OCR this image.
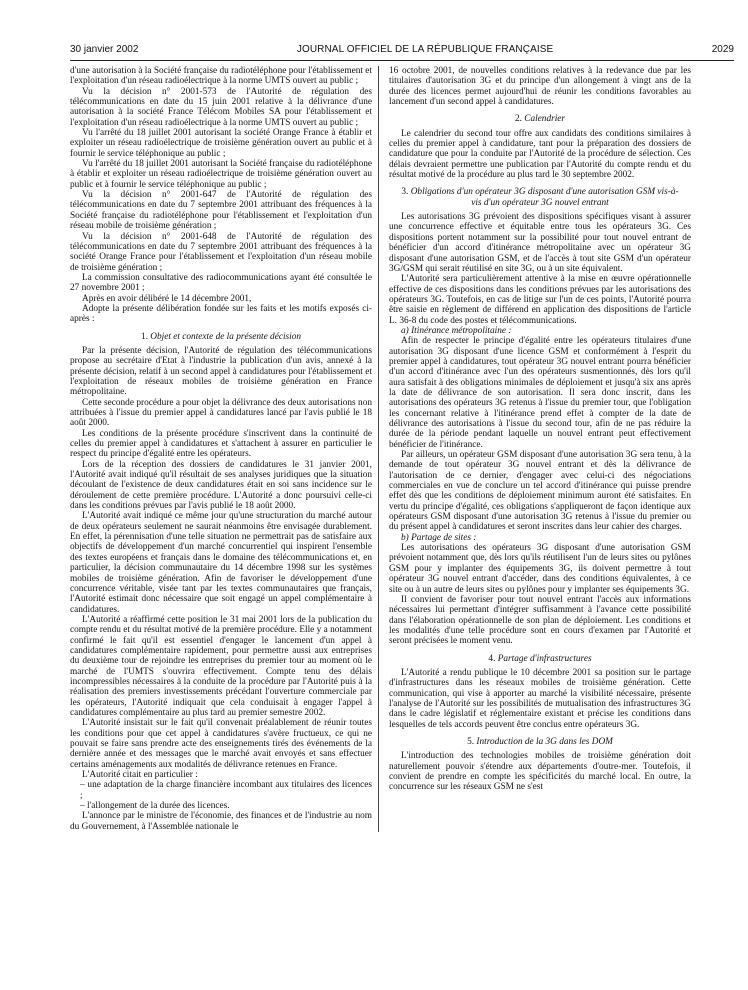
30 janvier 2002	JOURNAL OFFICIEL DE LA RÉPUBLIQUE FRANÇAISE	2029

d'une autorisation à la Société française du radiotéléphone pour l'établissement et l'exploitation d'un réseau radioélectrique à la norme UMTS ouvert au public ;

Vu la décision n° 2001-573 de l'Autorité de régulation des télécommunications en date du 15 juin 2001 relative à la délivrance d'une autorisation à la société France Télécom Mobiles SA pour l'établissement et l'exploitation d'un réseau radioélectrique à la norme UMTS ouvert au public ;

Vu l'arrêté du 18 juillet 2001 autorisant la société Orange France à établir et exploiter un réseau radioélectrique de troisième génération ouvert au public et à fournir le service téléphonique au public ;

Vu l'arrêté du 18 juillet 2001 autorisant la Société française du radiotéléphone à établir et exploiter un réseau radioélectrique de troisième génération ouvert au public et à fournir le service téléphonique au public ;

Vu la décision n° 2001-647 de l'Autorité de régulation des télécommunications en date du 7 septembre 2001 attribuant des fréquences à la Société française du radiotéléphone pour l'établissement et l'exploitation d'un réseau mobile de troisième génération ;

Vu la décision n° 2001-648 de l'Autorité de régulation des télécommunications en date du 7 septembre 2001 attribuant des fréquences à la société Orange France pour l'établissement et l'exploitation d'un réseau mobile de troisième génération ;

La commission consultative des radiocommunications ayant été consultée le 27 novembre 2001 ;

Après en avoir délibéré le 14 décembre 2001,

Adopte la présente délibération fondée sur les faits et les motifs exposés ci-après :

1. Objet et contexte de la présente décision

Par la présente décision, l'Autorité de régulation des télécommunications propose au secrétaire d'Etat à l'industrie la publication d'un avis, annexé à la présente décision, relatif à un second appel à candidatures pour l'établissement et l'exploitation de réseaux mobiles de troisième génération en France métropolitaine.

Cette seconde procédure a pour objet la délivrance des deux autorisations non attribuées à l'issue du premier appel à candidatures lancé par l'avis publié le 18 août 2000.

Les conditions de la présente procédure s'inscrivent dans la continuité de celles du premier appel à candidatures et s'attachent à assurer en particulier le respect du principe d'égalité entre les opérateurs.

Lors de la réception des dossiers de candidatures le 31 janvier 2001, l'Autorité avait indiqué qu'il résultait de ses analyses juridiques que la situation découlant de l'existence de deux candidatures était en soi sans incidence sur le déroulement de cette première procédure. L'Autorité a donc poursuivi celle-ci dans les conditions prévues par l'avis publié le 18 août 2000.

L'Autorité avait indiqué ce même jour qu'une structuration du marché autour de deux opérateurs seulement ne saurait néanmoins être envisagée durablement. En effet, la pérennisation d'une telle situation ne permettrait pas de satisfaire aux objectifs de développement d'un marché concurrentiel qui inspirent l'ensemble des textes européens et français dans le domaine des télécommunications et, en particulier, la décision communautaire du 14 décembre 1998 sur les systèmes mobiles de troisième génération. Afin de favoriser le développement d'une concurrence véritable, visée tant par les textes communautaires que français, l'Autorité estimait donc nécessaire que soit engagé un appel complémentaire à candidatures.

L'Autorité a réaffirmé cette position le 31 mai 2001 lors de la publication du compte rendu et du résultat motivé de la première procédure. Elle y a notamment confirmé le fait qu'il est essentiel d'engager le lancement d'un appel à candidatures complémentaire rapidement, pour permettre aussi aux entreprises du deuxième tour de rejoindre les entreprises du premier tour au moment où le marché de l'UMTS s'ouvrira effectivement. Compte tenu des délais incompressibles nécessaires à la conduite de la procédure par l'Autorité puis à la réalisation des premiers investissements précédant l'ouverture commerciale par les opérateurs, l'Autorité indiquait que cela conduisait à engager l'appel à candidatures complémentaire au plus tard au premier semestre 2002.

L'Autorité insistait sur le fait qu'il convenait préalablement de réunir toutes les conditions pour que cet appel à candidatures s'avère fructueux, ce qui ne pouvait se faire sans prendre acte des enseignements tirés des événements de la dernière année et des messages que le marché avait envoyés et sans effectuer certains aménagements aux modalités de délivrance retenues en France.

L'Autorité citait en particulier :

– une adaptation de la charge financière incombant aux titulaires des licences ;

– l'allongement de la durée des licences.

L'annonce par le ministre de l'économie, des finances et de l'industrie au nom du Gouvernement, à l'Assemblée nationale le

16 octobre 2001, de nouvelles conditions relatives à la redevance due par les titulaires d'autorisation 3G et du principe d'un allongement à vingt ans de la durée des licences permet aujourd'hui de réunir les conditions favorables au lancement d'un second appel à candidatures.

2. Calendrier

Le calendrier du second tour offre aux candidats des conditions similaires à celles du premier appel à candidature, tant pour la préparation des dossiers de candidature que pour la conduite par l'Autorité de la procédure de sélection. Ces délais devraient permettre une publication par l'Autorité du compte rendu et du résultat motivé de la procédure au plus tard le 30 septembre 2002.

3. Obligations d'un opérateur 3G disposant d'une autorisation GSM vis-à-vis d'un opérateur 3G nouvel entrant

Les autorisations 3G prévoient des dispositions spécifiques visant à assurer une concurrence effective et équitable entre tous les opérateurs 3G. Ces dispositions portent notamment sur la possibilité pour tout nouvel entrant de bénéficier d'un accord d'itinérance métropolitaine avec un opérateur 3G disposant d'une autorisation GSM, et de l'accès à tout site GSM d'un opérateur 3G/GSM qui serait réutilisé en site 3G, ou à un site équivalent.

L'Autorité sera particulièrement attentive à la mise en œuvre opérationnelle effective de ces dispositions dans les conditions prévues par les autorisations des opérateurs 3G. Toutefois, en cas de litige sur l'un de ces points, l'Autorité pourra être saisie en règlement de différend en application des dispositions de l'article L. 36-8 du code des postes et télécommunications.

a) Itinérance métropolitaine :

Afin de respecter le principe d'égalité entre les opérateurs titulaires d'une autorisation 3G disposant d'une licence GSM et conformément à l'esprit du premier appel à candidatures, tout opérateur 3G nouvel entrant pourra bénéficier d'un accord d'itinérance avec l'un des opérateurs susmentionnés, dès lors qu'il aura satisfait à des obligations minimales de déploiement et jusqu'à six ans après la date de délivrance de son autorisation. Il sera donc inscrit, dans les autorisations des opérateurs 3G retenus à l'issue du premier tour, que l'obligation les concernant relative à l'itinérance prend effet à compter de la date de délivrance des autorisations à l'issue du second tour, afin de ne pas réduire la durée de la période pendant laquelle un nouvel entrant peut effectivement bénéficier de l'itinérance.

Par ailleurs, un opérateur GSM disposant d'une autorisation 3G sera tenu, à la demande de tout opérateur 3G nouvel entrant et dès la délivrance de l'autorisation de ce dernier, d'engager avec celui-ci des négociations commerciales en vue de conclure un tel accord d'itinérance qui puisse prendre effet dès que les conditions de déploiement minimum auront été satisfaites. En vertu du principe d'égalité, ces obligations s'appliqueront de façon identique aux opérateurs GSM disposant d'une autorisation 3G retenus à l'issue du premier ou du présent appel à candidatures et seront inscrites dans leur cahier des charges.

b) Partage de sites :

Les autorisations des opérateurs 3G disposant d'une autorisation GSM prévoient notamment que, dès lors qu'ils réutilisent l'un de leurs sites ou pylônes GSM pour y implanter des équipements 3G, ils doivent permettre à tout opérateur 3G nouvel entrant d'accéder, dans des conditions équivalentes, à ce site ou à un autre de leurs sites ou pylônes pour y implanter ses équipements 3G.

Il convient de favoriser pour tout nouvel entrant l'accès aux informations nécessaires lui permettant d'intégrer suffisamment à l'avance cette possibilité dans l'élaboration opérationnelle de son plan de déploiement. Les conditions et les modalités d'une telle procédure sont en cours d'examen par l'Autorité et seront précisées le moment venu.

4. Partage d'infrastructures

L'Autorité a rendu publique le 10 décembre 2001 sa position sur le partage d'infrastructures dans les réseaux mobiles de troisième génération. Cette communication, qui vise à apporter au marché la visibilité nécessaire, présente l'analyse de l'Autorité sur les possibilités de mutualisation des infrastructures 3G dans le cadre législatif et réglementaire existant et précise les conditions dans lesquelles de tels accords peuvent être conclus entre opérateurs 3G.

5. Introduction de la 3G dans les DOM

L'introduction des technologies mobiles de troisième génération doit naturellement pouvoir s'étendre aux départements d'outre-mer. Toutefois, il convient de prendre en compte les spécificités du marché local. En outre, la concurrence sur les réseaux GSM ne s'est
